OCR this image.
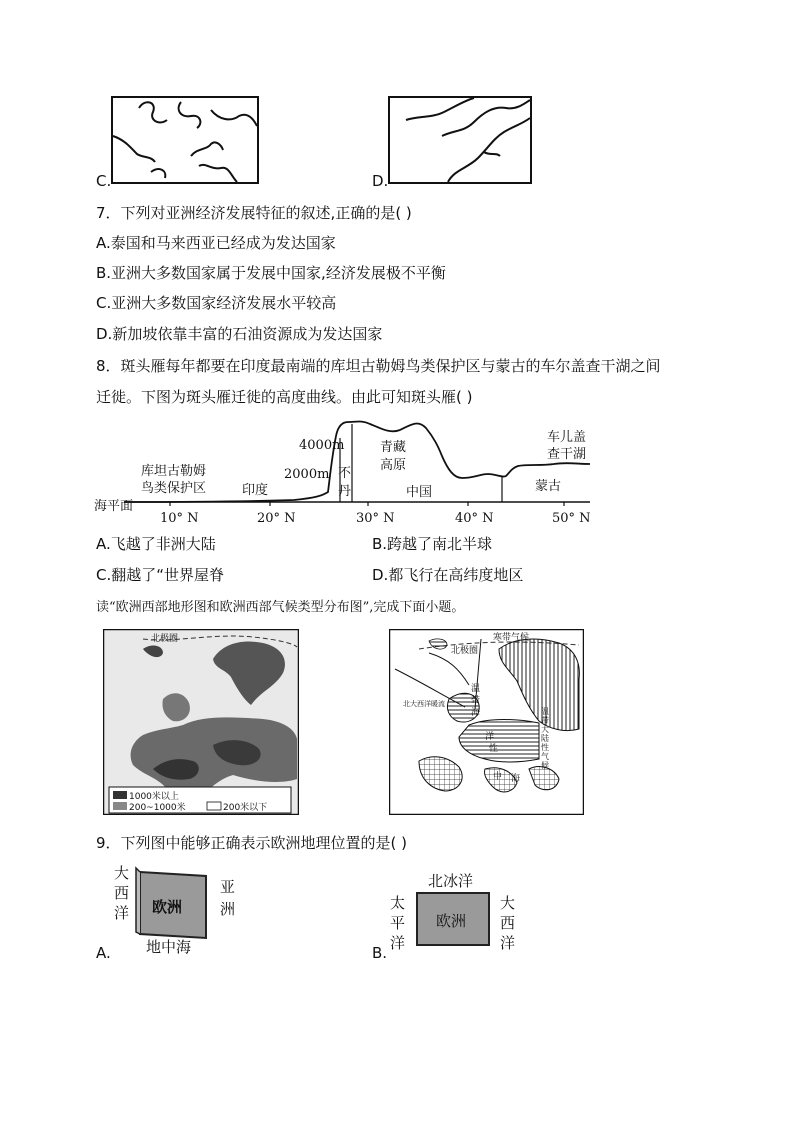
C.	D.
7．下列对亚洲经济发展特征的叙述,正确的是( )
A.泰国和马来西亚已经成为发达国家
B.亚洲大多数国家属于发展中国家,经济发展极不平衡
C.亚洲大多数国家经济发展水平较高
D.新加坡依靠丰富的石油资源成为发达国家
8．斑头雁每年都要在印度最南端的库坦古勒姆鸟类保护区与蒙古的车尔盖查干湖之间
迁徙。下图为斑头雁迁徙的高度曲线。由此可知斑头雁( )
海平面
库坦古勒姆
鸟类保护区	印度
2000m
4000m
不
丹
青藏
高原
中国
车儿盖
查干湖
蒙古
10° N	20° N	30° N	40° N	50° N
A.飞越了非洲大陆	B.跨越了南北半球
C.翻越了“世界屋脊	D.都飞行在高纬度地区
读“欧洲西部地形图和欧洲西部气候类型分布图”,完成下面小题。
北极圈
1000米以上
200~1000米	200米以下
北极圈
寒带气候
温
带
海
洋
性
温带大陆性气候
北大西洋暖流
中 海
9．下列图中能够正确表示欧洲地理位置的是( )
欧洲
大
西
洋
亚
洲
地中海
A.
欧洲
北冰洋
太
平
洋
大
西
洋
B.
